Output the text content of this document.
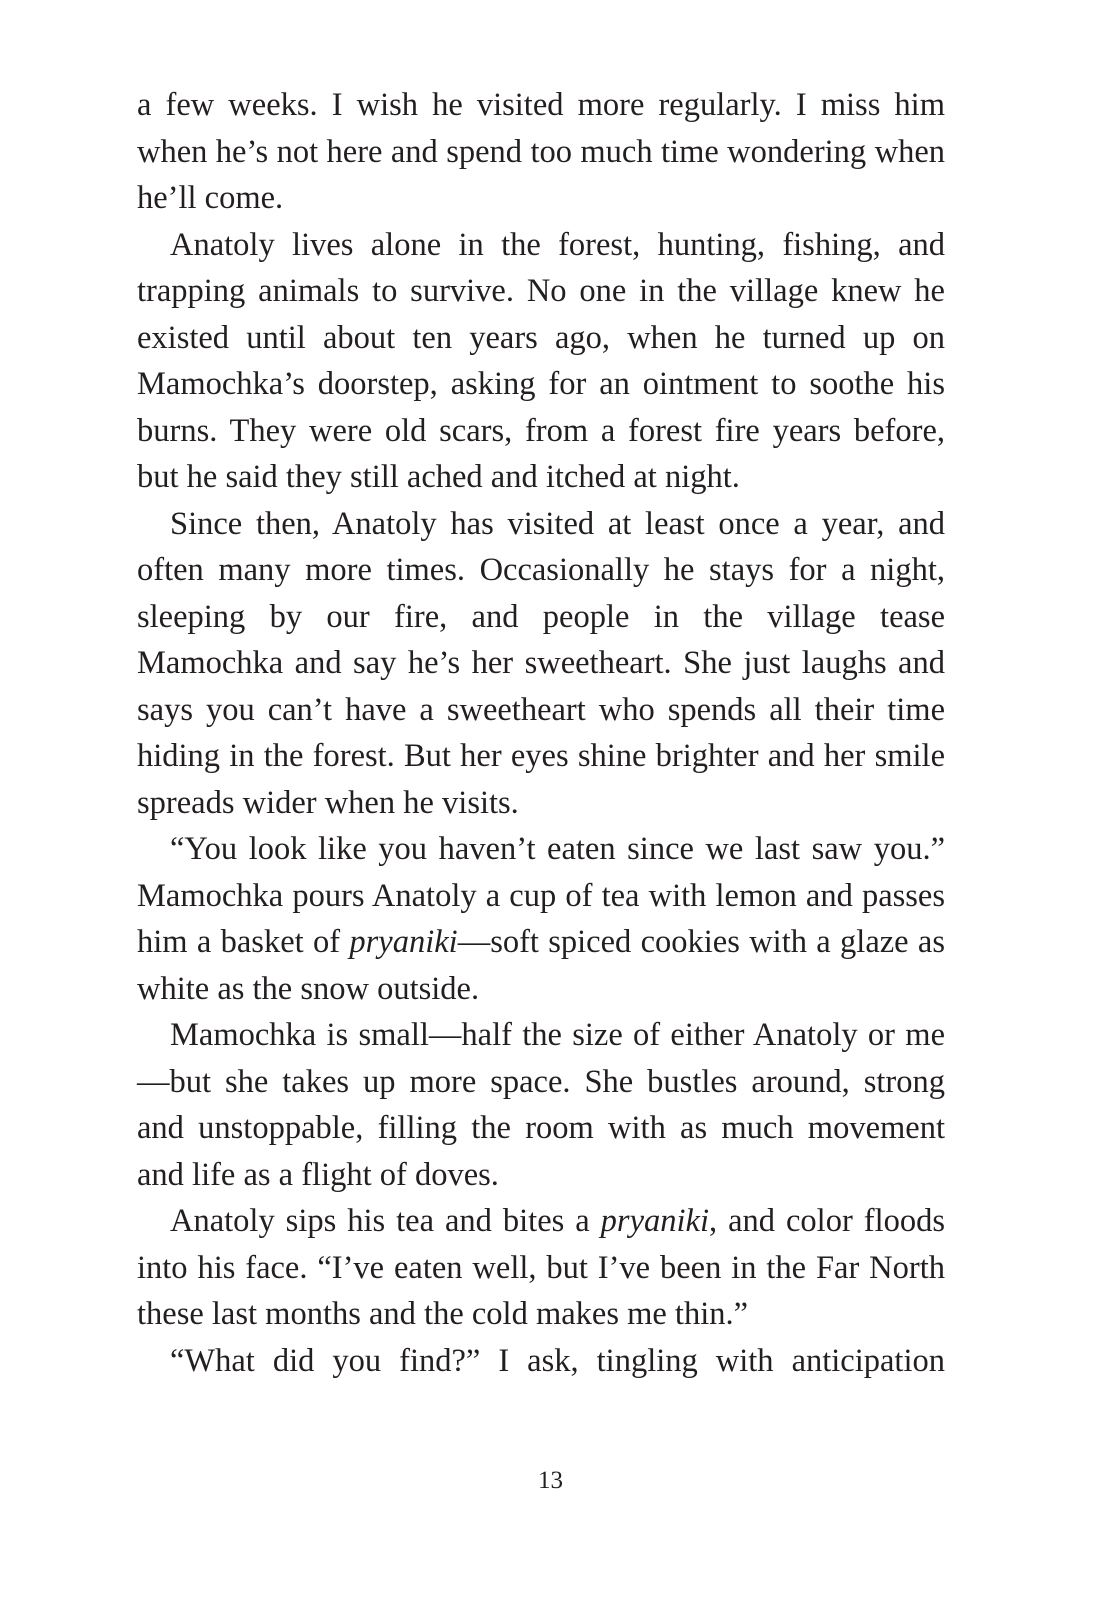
a few weeks. I wish he visited more regularly. I miss him when he’s not here and spend too much time wondering when he’ll come.

Anatoly lives alone in the forest, hunting, fishing, and trapping animals to survive. No one in the village knew he existed until about ten years ago, when he turned up on Mamochka’s doorstep, asking for an ointment to soothe his burns. They were old scars, from a forest fire years before, but he said they still ached and itched at night.

Since then, Anatoly has visited at least once a year, and often many more times. Occasionally he stays for a night, sleeping by our fire, and people in the village tease Mamochka and say he’s her sweetheart. She just laughs and says you can’t have a sweetheart who spends all their time hiding in the forest. But her eyes shine brighter and her smile spreads wider when he visits.

“You look like you haven’t eaten since we last saw you.” Mamochka pours Anatoly a cup of tea with lemon and passes him a basket of pryaniki—soft spiced cookies with a glaze as white as the snow outside.

Mamochka is small—half the size of either Anatoly or me—but she takes up more space. She bustles around, strong and unstoppable, filling the room with as much movement and life as a flight of doves.

Anatoly sips his tea and bites a pryaniki, and color floods into his face. “I’ve eaten well, but I’ve been in the Far North these last months and the cold makes me thin.”

“What did you find?” I ask, tingling with anticipation

13
